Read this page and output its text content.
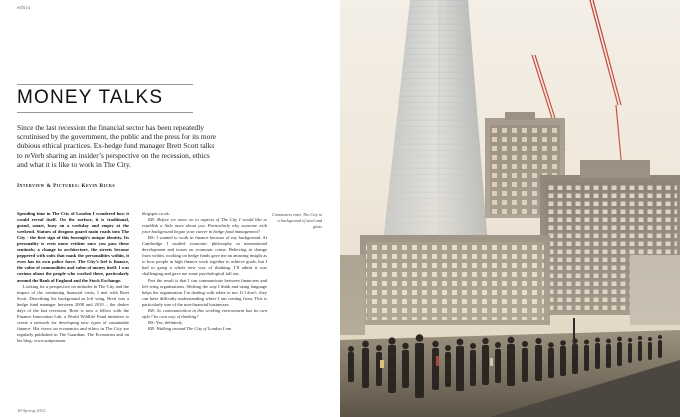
ethics
MONEY TALKS

Since the last recession the financial sector has been repeatedly scrutinised by the government, the public and the press for its more dubious ethical practices. Ex-hedge fund manager Brett Scott talks to reVerb sharing an insider’s perspective on the recession, ethics and what it is like to work in The City.

Interview & Pictures: Kevin Ricks

Spending time in The City of London I wondered how it would reveal itself. On the surface, it is traditional, grand, smart, busy on a weekday and empty at the weekend. Statues of dragons guard main roads into The City - the first sign of this borough’s unique identity. Its personality is even more evident once you pass these sentinels; a change in architecture, the streets become peppered with suits that mask the personalities within, it even has its own police force. The City’s feel is finance, the value of commodities and value of money itself. I was curious about the people who worked there, particularly around the Bank of England and the Stock Exchange.

Looking for a perspective on attitudes in The City and the impact of the continuing financial crisis, I met with Brett Scott. Describing his background as left wing, Brett was a hedge fund manager between 2008 and 2010 – the darker days of the last recession. Brett is now a fellow with the Finance Innovation Lab, a World Wildlife Fund initiative to create a network for developing new types of sustainable finance. His views on economics and ethics in The City are regularly published in The Guardian, The Economist and on his blog: www.suitpossum.

blogspot.co.uk.

KR: Before we move on to aspects of The City I would like to establish a little more about you. Particularly why someone with your background began your career in hedge fund management?

BS: I wanted to work in finance because of my background. At Cambridge I studied economic philosophy in international development and issues on economic crime. Believing in change from within, working on hedge funds gave me an amazing insight as to how people in high finance work together to achieve goals, but I had to grasp a whole new way of thinking. I’ll admit it was challenging and gave me some psychological fall out.

Part the result is that I can communicate between financiers and left-wing organisations. Shifting the way I think and using language helps the organisation I’m dealing with relate to me. If I don’t, they can have difficulty understanding where I am coming from. This is particularly true of the non-financial businesses.

KR: So communication in this working environment has its own style? Its own way of thinking?

BS: Yes, definitely.

KR: Walking around The City of London I am

Commuters enter The City to a background of steel and glass

18 Spring 2012
